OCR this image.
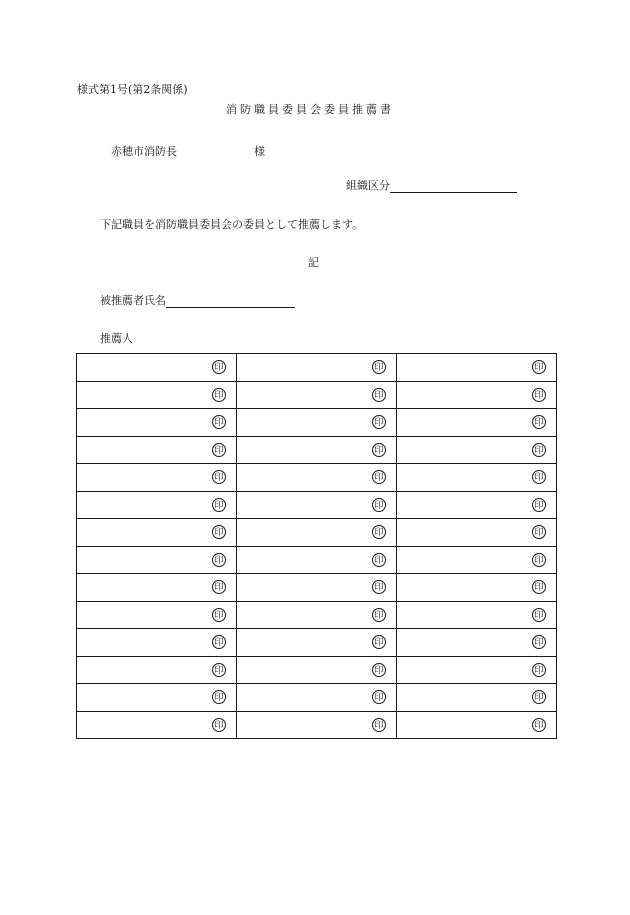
様式第1号(第2条関係)
消防職員委員会委員推薦書
赤穂市消防長	様
組織区分
下記職員を消防職員委員会の委員として推薦します。
記
被推薦者氏名
推薦人
印	印	印

印	印	印

印	印	印

印	印	印

印	印	印

印	印	印

印	印	印

印	印	印

印	印	印

印	印	印

印	印	印

印	印	印

印	印	印

印	印	印
